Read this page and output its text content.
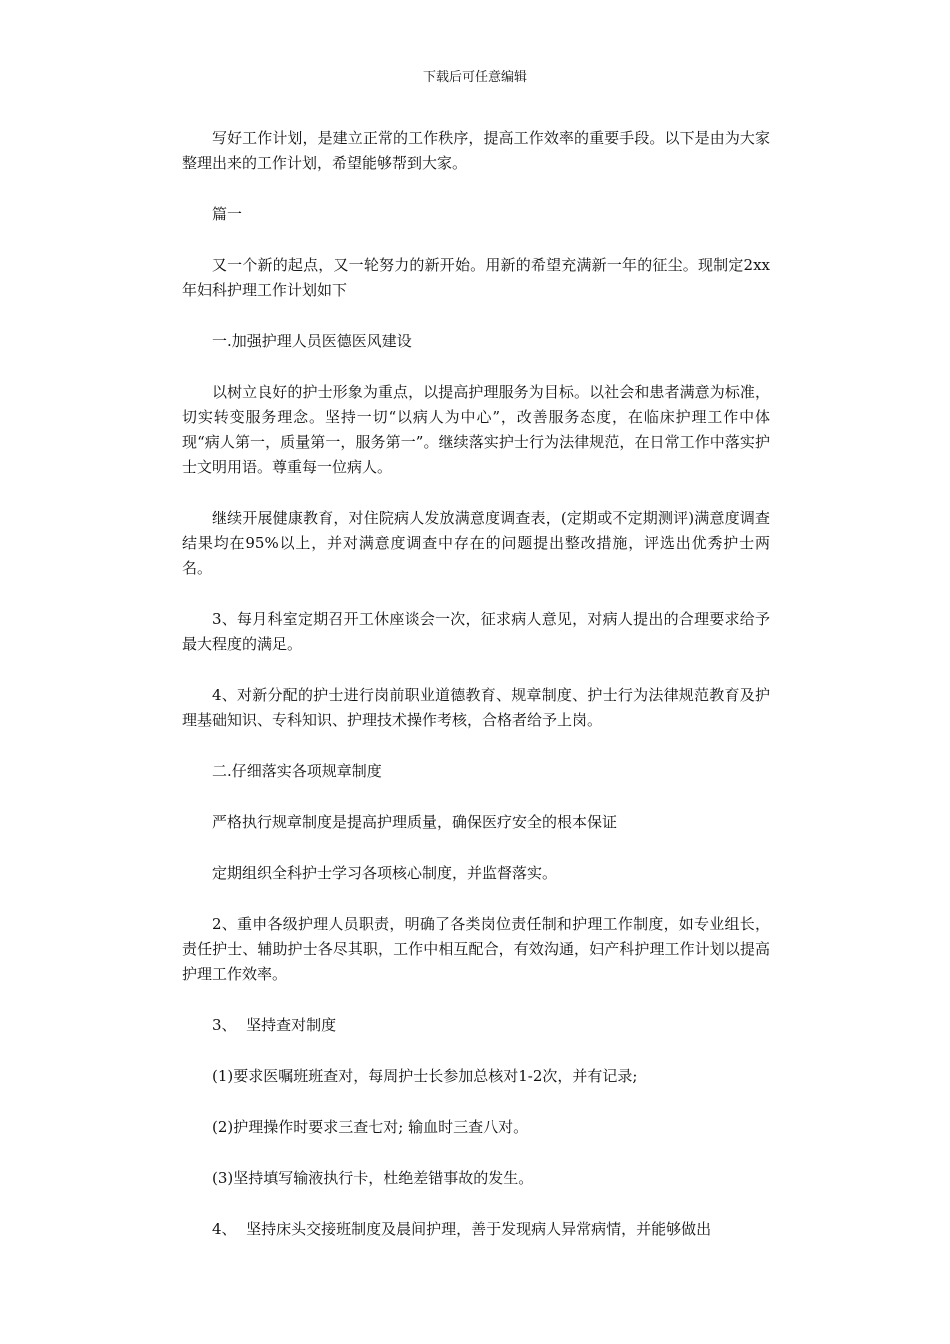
下载后可任意编辑

写好工作计划，是建立正常的工作秩序，提高工作效率的重要手段。以下是由为大家整理出来的工作计划，希望能够帮到大家。

篇一

又一个新的起点，又一轮努力的新开始。用新的希望充满新一年的征尘。现制定2xx年妇科护理工作计划如下

一.加强护理人员医德医风建设

以树立良好的护士形象为重点，以提高护理服务为目标。以社会和患者满意为标准，切实转变服务理念。坚持一切“以病人为中心”，改善服务态度，在临床护理工作中体现“病人第一，质量第一，服务第一”。继续落实护士行为法律规范，在日常工作中落实护士文明用语。尊重每一位病人。

继续开展健康教育，对住院病人发放满意度调查表，(定期或不定期测评)满意度调查结果均在95%以上，并对满意度调查中存在的问题提出整改措施，评选出优秀护士两名。

3、每月科室定期召开工休座谈会一次，征求病人意见，对病人提出的合理要求给予最大程度的满足。

4、对新分配的护士进行岗前职业道德教育、规章制度、护士行为法律规范教育及护理基础知识、专科知识、护理技术操作考核，合格者给予上岗。

二.仔细落实各项规章制度

严格执行规章制度是提高护理质量，确保医疗安全的根本保证

定期组织全科护士学习各项核心制度，并监督落实。

2、重申各级护理人员职责，明确了各类岗位责任制和护理工作制度，如专业组长，责任护士、辅助护士各尽其职，工作中相互配合，有效沟通，妇产科护理工作计划以提高护理工作效率。

3、  坚持查对制度

(1)要求医嘱班班查对，每周护士长参加总核对1-2次，并有记录;

(2)护理操作时要求三查七对; 输血时三查八对。

(3)坚持填写输液执行卡，杜绝差错事故的发生。

4、  坚持床头交接班制度及晨间护理，善于发现病人异常病情，并能够做出
